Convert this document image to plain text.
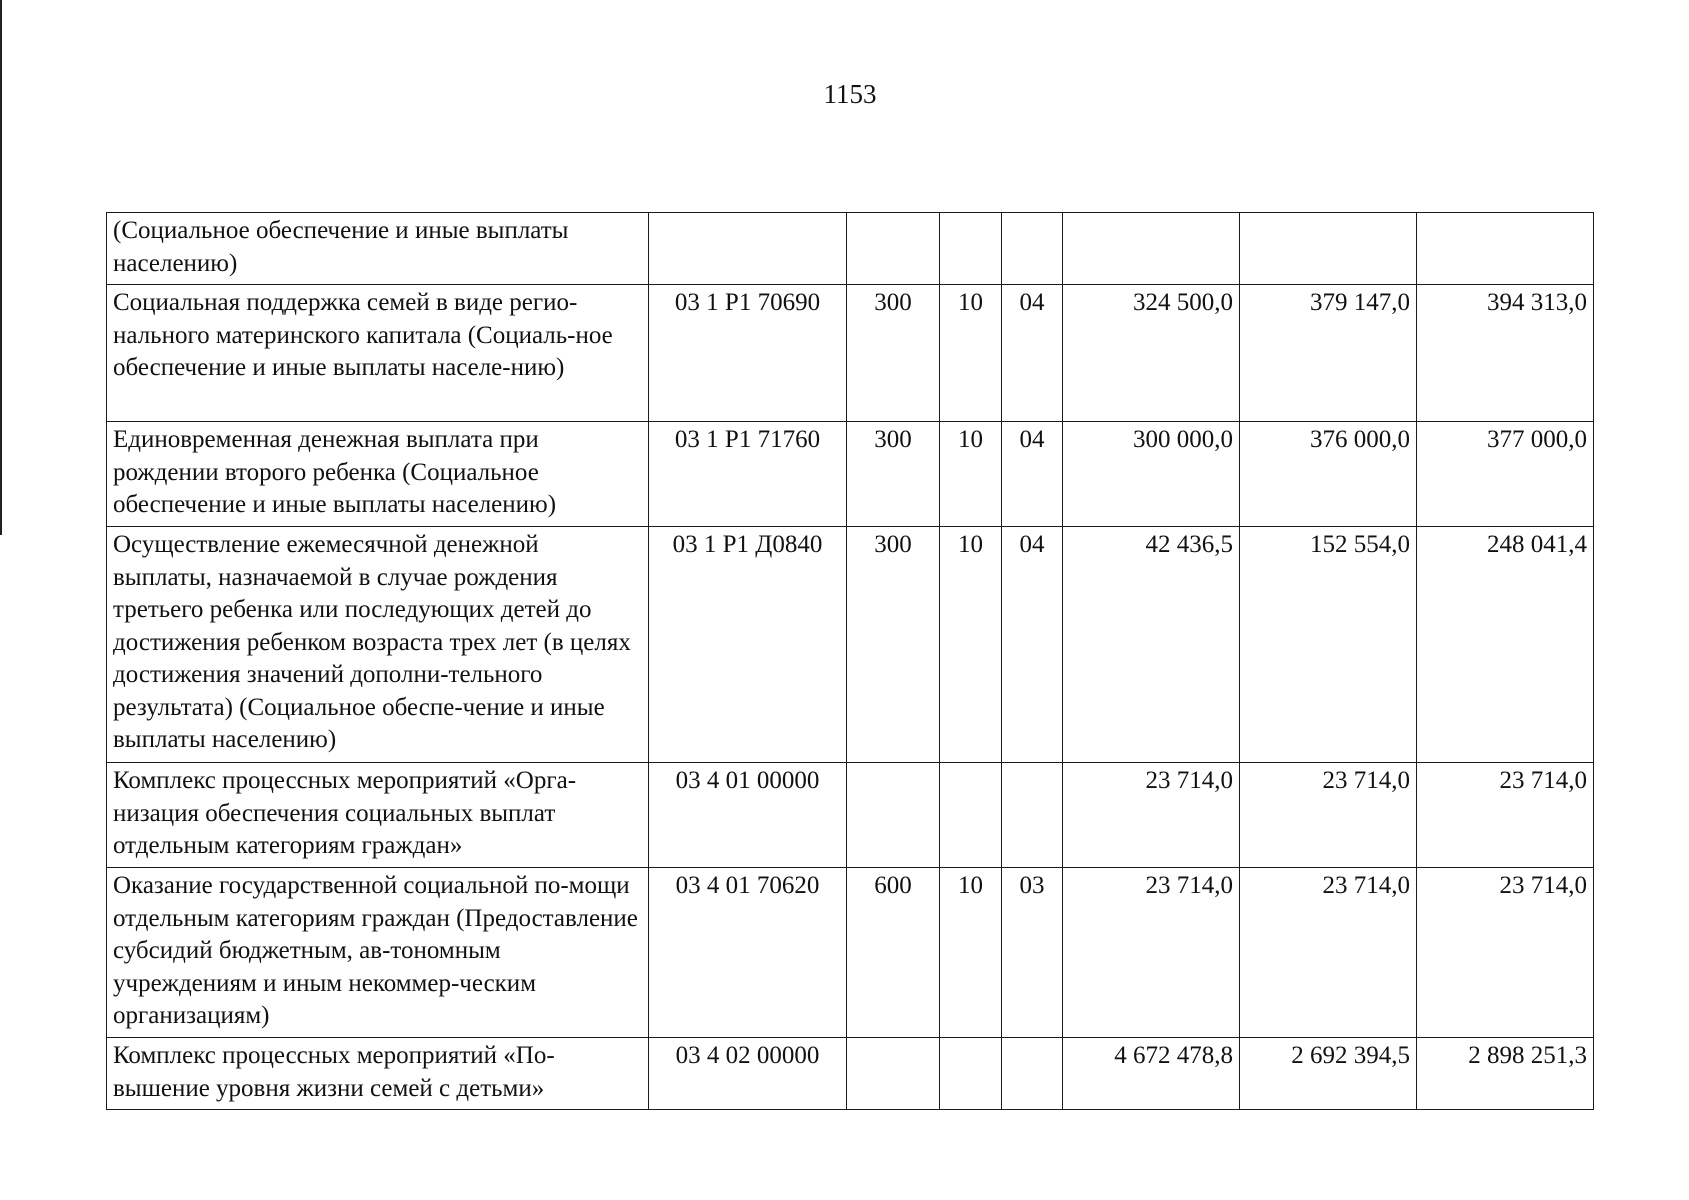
1153
(Социальное обеспечение и иные выплаты населению)							
Социальная поддержка семей в виде регио-нального материнского капитала (Социаль-ное обеспечение и иные выплаты населе-нию)	03 1 Р1 70690	300	10	04	324 500,0	379 147,0	394 313,0
Единовременная денежная выплата при рождении второго ребенка (Социальное обеспечение и иные выплаты населению)	03 1 Р1 71760	300	10	04	300 000,0	376 000,0	377 000,0
Осуществление ежемесячной денежной выплаты, назначаемой в случае рождения третьего ребенка или последующих детей до достижения ребенком возраста трех лет (в целях достижения значений дополни-тельного результата) (Социальное обеспе-чение и иные выплаты населению)	03 1 Р1 Д0840	300	10	04	42 436,5	152 554,0	248 041,4
Комплекс процессных мероприятий «Орга-низация обеспечения социальных выплат отдельным категориям граждан»	03 4 01 00000				23 714,0	23 714,0	23 714,0
Оказание государственной социальной по-мощи отдельным категориям граждан (Предоставление субсидий бюджетным, ав-тономным учреждениям и иным некоммер-ческим организациям)	03 4 01 70620	600	10	03	23 714,0	23 714,0	23 714,0
Комплекс процессных мероприятий «По-вышение уровня жизни семей с детьми»	03 4 02 00000				4 672 478,8	2 692 394,5	2 898 251,3
